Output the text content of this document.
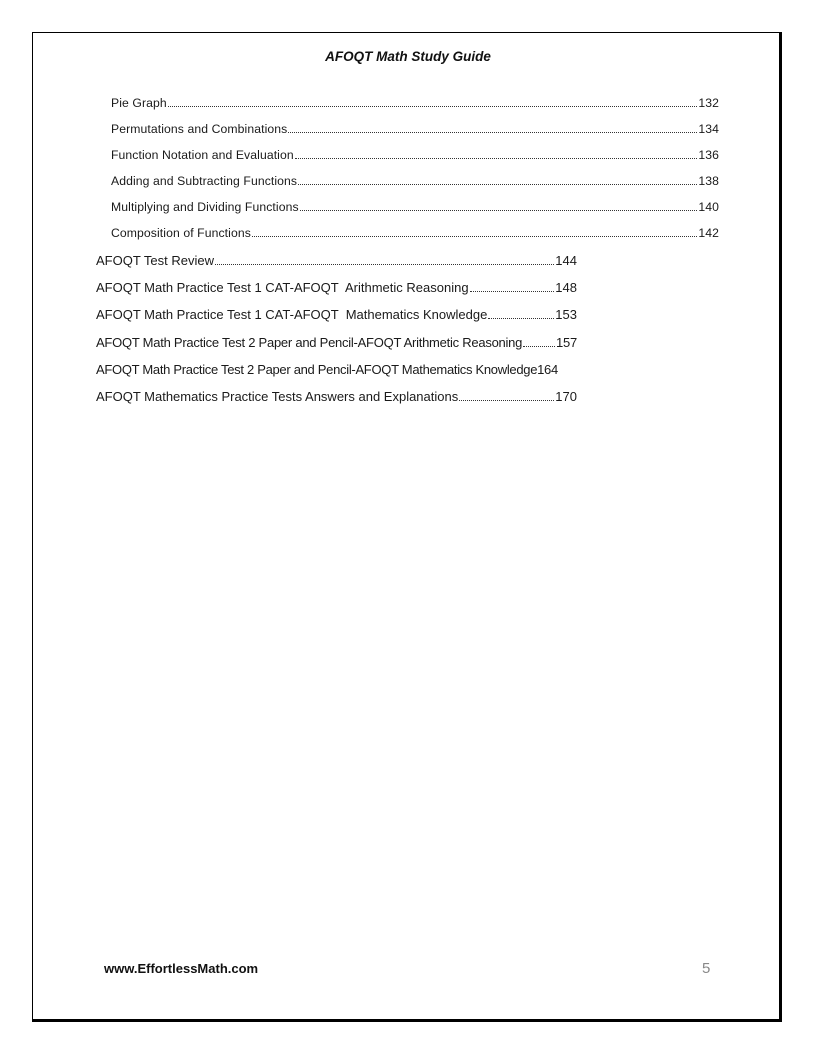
AFOQT Math Study Guide
Pie Graph	132
Permutations and Combinations	134
Function Notation and Evaluation	136
Adding and Subtracting Functions	138
Multiplying and Dividing Functions	140
Composition of Functions	142
AFOQT Test Review	144
AFOQT Math Practice Test 1 CAT-AFOQT  Arithmetic Reasoning	148
AFOQT Math Practice Test 1 CAT-AFOQT  Mathematics Knowledge	153
AFOQT Math Practice Test 2 Paper and Pencil-AFOQT Arithmetic Reasoning	157
AFOQT Math Practice Test 2 Paper and Pencil-AFOQT Mathematics Knowledge 164
AFOQT Mathematics Practice Tests Answers and Explanations	170
www.EffortlessMath.com	5
